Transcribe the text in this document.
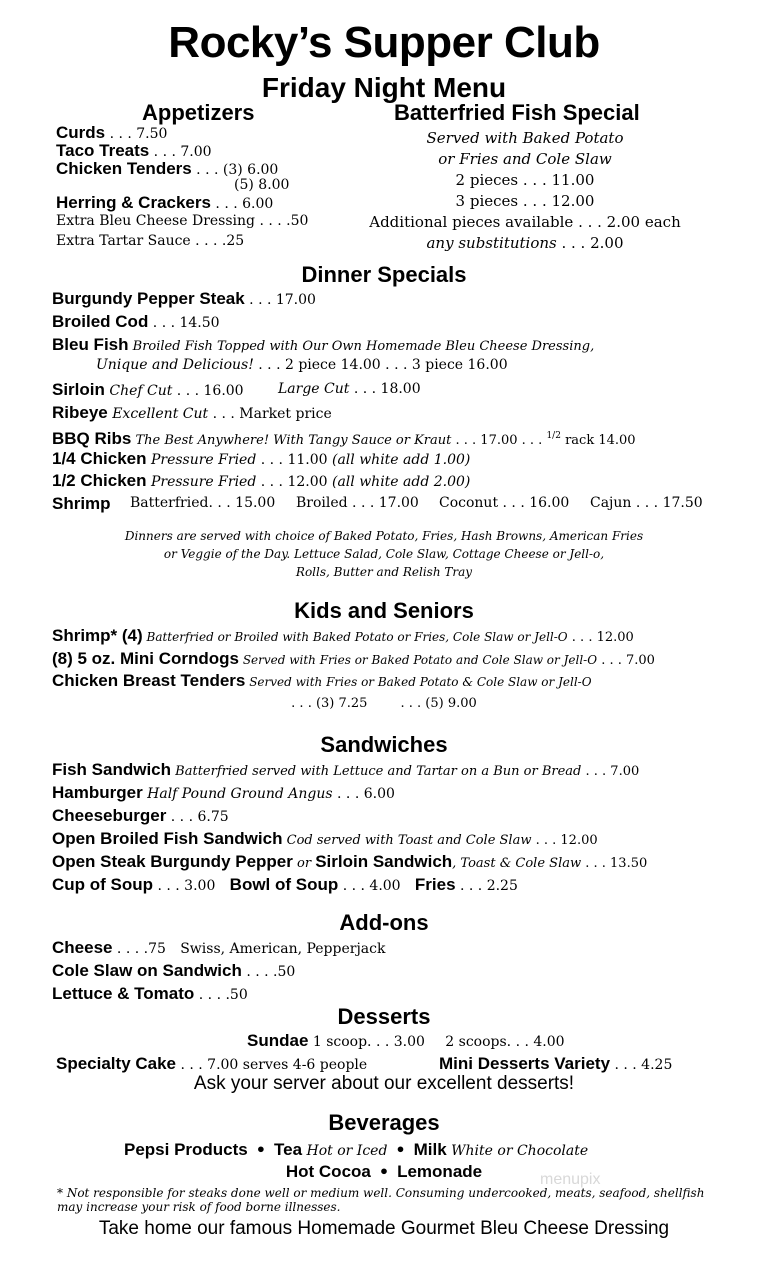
Rocky’s Supper Club
Friday Night Menu
Appetizers
Curds . . . 7.50
Taco Treats . . . 7.00
Chicken Tenders . . . (3) 6.00
(5) 8.00
Herring & Crackers . . . 6.00
Extra Bleu Cheese Dressing . . . .50
Extra Tartar Sauce . . . .25
Batterfried Fish Special
Served with Baked Potato
or Fries and Cole Slaw
2 pieces . . . 11.00
3 pieces . . . 12.00
Additional pieces available . . . 2.00 each
any substitutions . . . 2.00
Dinner Specials
Burgundy Pepper Steak . . . 17.00
Broiled Cod . . . 14.50
Bleu Fish Broiled Fish Topped with Our Own Homemade Bleu Cheese Dressing,
Unique and Delicious! . . . 2 piece 14.00 . . . 3 piece 16.00
Sirloin Chef Cut . . . 16.00 Large Cut . . . 18.00
Ribeye Excellent Cut . . . Market price
BBQ Ribs The Best Anywhere! With Tangy Sauce or Kraut . . . 17.00 . . . $^{1/2}$ rack 14.00
1/4 Chicken Pressure Fried . . . 11.00 (all white add 1.00)
1/2 Chicken Pressure Fried . . . 12.00 (all white add 2.00)
Shrimp Batterfried. . . 15.00 Broiled . . . 17.00 Coconut . . . 16.00 Cajun . . . 17.50
Dinners are served with choice of Baked Potato, Fries, Hash Browns, American Fries
or Veggie of the Day. Lettuce Salad, Cole Slaw, Cottage Cheese or Jell-o,
Rolls, Butter and Relish Tray
Kids and Seniors
Shrimp* (4) Batterfried or Broiled with Baked Potato or Fries, Cole Slaw or Jell-O . . . 12.00
(8) 5 oz. Mini Corndogs Served with Fries or Baked Potato and Cole Slaw or Jell-O . . . 7.00
Chicken Breast Tenders Served with Fries or Baked Potato & Cole Slaw or Jell-O
. . . (3) 7.25        . . . (5) 9.00
Sandwiches
Fish Sandwich Batterfried served with Lettuce and Tartar on a Bun or Bread . . . 7.00
Hamburger Half Pound Ground Angus . . . 6.00
Cheeseburger . . . 6.75
Open Broiled Fish Sandwich Cod served with Toast and Cole Slaw . . . 12.00
Open Steak Burgundy Pepper or Sirloin Sandwich, Toast & Cole Slaw . . . 13.50
Cup of Soup . . . 3.00 Bowl of Soup . . . 4.00 Fries . . . 2.25
Add-ons
Cheese . . . .75 Swiss, American, Pepperjack
Cole Slaw on Sandwich . . . .50
Lettuce & Tomato . . . .50
Desserts
Sundae 1 scoop. . . 3.00 2 scoops. . . 4.00
Specialty Cake . . . 7.00 serves 4-6 people	Mini Desserts Variety . . . 4.25
Ask your server about our excellent desserts!
Beverages
Pepsi Products • Tea Hot or Iced • Milk White or Chocolate
Hot Cocoa • Lemonade	menupix
* Not responsible for steaks done well or medium well. Consuming undercooked, meats, seafood, shellfish
may increase your risk of food borne illnesses.
Take home our famous Homemade Gourmet Bleu Cheese Dressing
